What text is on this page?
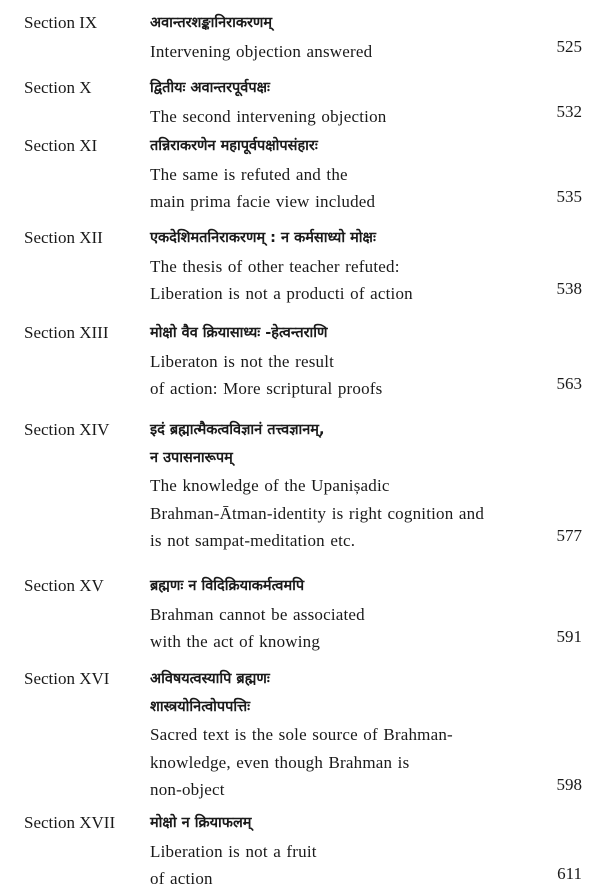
Section IX	अवान्तरशङ्कानिराकरणम्
Intervening objection answered	525
Section X	द्वितीयः अवान्तरपूर्वपक्षः
The second intervening objection	532
Section XI	तन्निराकरणेन महापूर्वपक्षोपसंहारः
The same is refuted and the
main prima facie view included	535
Section XII	एकदेशिमतनिराकरणम् : न कर्मसाध्यो मोक्षः
The thesis of other teacher refuted:
Liberation is not a producti of action	538
Section XIII	मोक्षो वैव क्रियासाध्यः -हेत्वन्तराणि
Liberaton is not the result
of action: More scriptural proofs	563
Section XIV	इदं ब्रह्मात्मैकत्वविज्ञानं तत्त्वज्ञानम्,
न उपासनारूपम्
The knowledge of the Upanișadic
Brahman-Ātman-identity is right cognition and
is not sampat-meditation etc.	577
Section XV	ब्रह्मणः न विदिक्रियाकर्मत्वमपि
Brahman cannot be associated
with the act of knowing	591
Section XVI	अविषयत्वस्यापि ब्रह्मणः
शास्त्रयोनित्वोपपत्तिः
Sacred text is the sole source of Brahman-
knowledge, even though Brahman is
non-object	598
Section XVII मोक्षो न क्रियाफलम्
Liberation is not a fruit
of action	611
